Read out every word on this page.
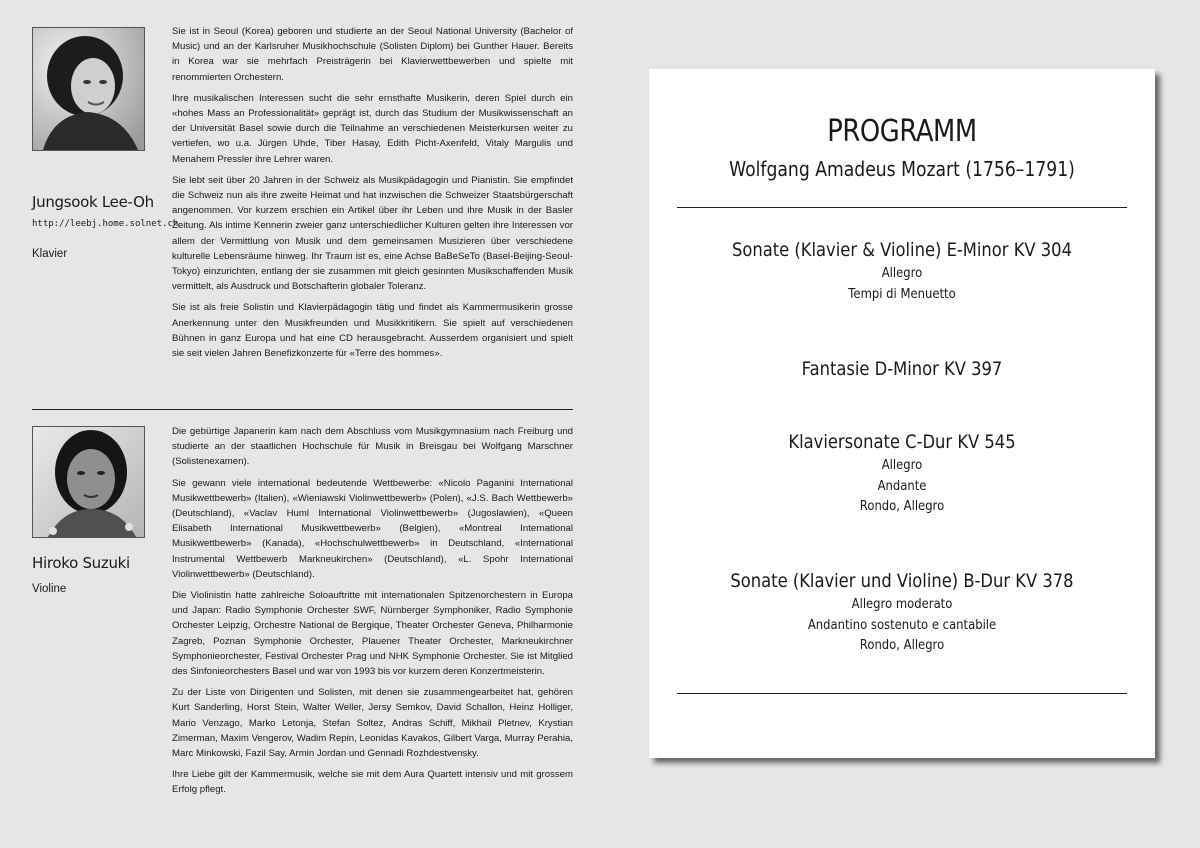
Jungsook Lee-Oh
http://leebj.home.solnet.ch
Klavier

Sie ist in Seoul (Korea) geboren und studierte an der Seoul National University (Bachelor of Music) und an der Karlsruher Musikhochschule (Solisten Diplom) bei Gunther Hauer. Bereits in Korea war sie mehrfach Preisträgerin bei Klavierwettbewerben und spielte mit renommierten Orchestern.

Ihre musikalischen Interessen sucht die sehr ernsthafte Musikerin, deren Spiel durch ein «hohes Mass an Professionalität» geprägt ist, durch das Studium der Musikwissenschaft an der Universität Basel sowie durch die Teilnahme an verschiedenen Meisterkursen weiter zu vertiefen, wo u.a. Jürgen Uhde, Tiber Hasay, Edith Picht-Axenfeld, Vitaly Margulis und Menahem Pressler ihre Lehrer waren.

Sie lebt seit über 20 Jahren in der Schweiz als Musikpädagogin und Pianistin. Sie empfindet die Schweiz nun als ihre zweite Heimat und hat inzwischen die Schweizer Staatsbürgerschaft angenommen. Vor kurzem erschien ein Artikel über ihr Leben und ihre Musik in der Basler Zeitung. Als intime Kennerin zweier ganz unterschiedlicher Kulturen gelten ihre Interessen vor allem der Vermittlung von Musik und dem gemeinsamen Musizieren über verschiedene kulturelle Lebensräume hinweg. Ihr Traum ist es, eine Achse BaBeSeTo (Basel-Beijing-Seoul-Tokyo) einzurichten, entlang der sie zusammen mit gleich gesinnten Musikschaffenden Musik vermittelt, als Ausdruck und Botschafterin globaler Toleranz.

Sie ist als freie Solistin und Klavierpädagogin tätig und findet als Kammermusikerin grosse Anerkennung unter den Musikfreunden und Musikkritikern. Sie spielt auf verschiedenen Bühnen in ganz Europa und hat eine CD herausgebracht. Ausserdem organisiert und spielt sie seit vielen Jahren Benefizkonzerte für «Terre des hommes».

Hiroko Suzuki
Violine

Die gebürtige Japanerin kam nach dem Abschluss vom Musikgymnasium nach Freiburg und studierte an der staatlichen Hochschule für Musik in Breisgau bei Wolfgang Marschner (Solistenexamen).

Sie gewann viele international bedeutende Wettbewerbe: «Nicolo Paganini International Musikwettbewerb» (Italien), «Wieniawski Violinwettbewerb» (Polen), «J.S. Bach Wettbewerb» (Deutschland), «Vaclav Huml International Violinwettbewerb» (Jugoslawien), «Queen Elisabeth International Musikwettbewerb» (Belgien), «Montreal International Musikwettbewerb» (Kanada), «Hochschulwettbewerb» in Deutschland, «International Instrumental Wettbewerb Markneukirchen» (Deutschland), «L. Spohr International Violinwettbewerb» (Deutschland).

Die Violinistin hatte zahlreiche Soloauftritte mit internationalen Spitzenorchestern in Europa und Japan: Radio Symphonie Orchester SWF, Nürnberger Symphoniker, Radio Symphonie Orchester Leipzig, Orchestre National de Bergique, Theater Orchester Geneva, Philharmonie Zagreb, Poznan Symphonie Orchester, Plauener Theater Orchester, Markneukirchner Symphonieorchester, Festival Orchester Prag und NHK Symphonie Orchester. Sie ist Mitglied des Sinfonieorchesters Basel und war von 1993 bis vor kurzem deren Konzertmeisterin.

Zu der Liste von Dirigenten und Solisten, mit denen sie zusammengearbeitet hat, gehören Kurt Sanderling, Horst Stein, Walter Weller, Jersy Semkov, David Schallon, Heinz Holliger, Mario Venzago, Marko Letonja, Stefan Soltez, Andras Schiff, Mikhail Pletnev, Krystian Zimerman, Maxim Vengerov, Wadim Repin, Leonidas Kavakos, Gilbert Varga, Murray Perahia, Marc Minkowski, Fazil Say, Armin Jordan und Gennadi Rozhdestvensky.

Ihre Liebe gilt der Kammermusik, welche sie mit dem Aura Quartett intensiv und mit grossem Erfolg pflegt.

PROGRAMM
Wolfgang Amadeus Mozart (1756–1791)
Sonate (Klavier & Violine) E-Minor KV 304
Allegro
Tempi di Menuetto
Fantasie D-Minor KV 397
Klaviersonate C-Dur KV 545
Allegro
Andante
Rondo, Allegro
Sonate (Klavier und Violine) B-Dur KV 378
Allegro moderato
Andantino sostenuto e cantabile
Rondo, Allegro
